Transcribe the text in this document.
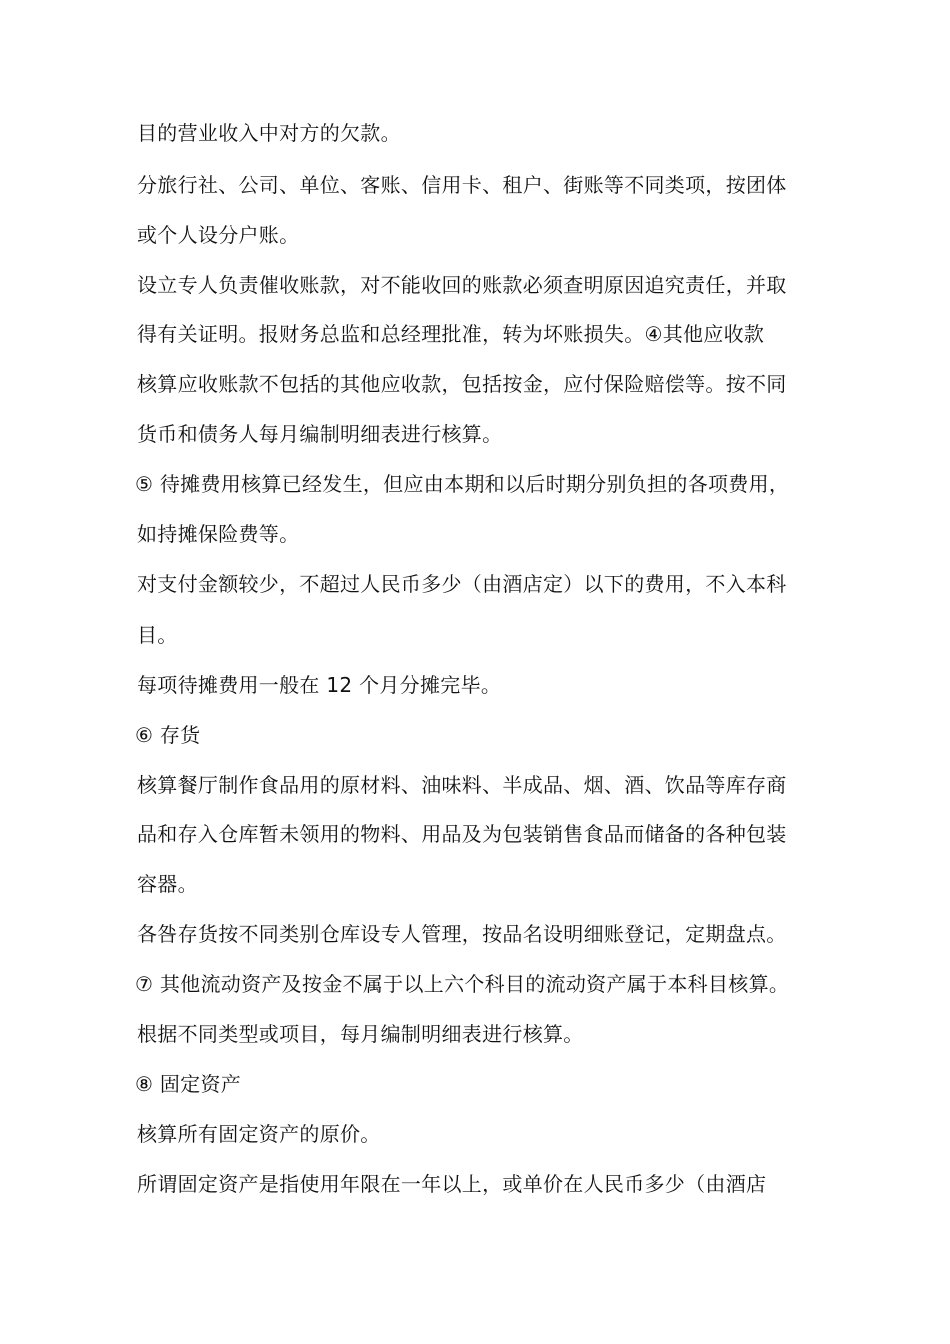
目的营业收入中对方的欠款。
分旅行社、公司、单位、客账、信用卡、租户、街账等不同类项，按团体
或个人设分户账。
设立专人负责催收账款，对不能收回的账款必须查明原因追究责任，并取
得有关证明。报财务总监和总经理批准，转为坏账损失。④其他应收款
核算应收账款不包括的其他应收款，包括按金，应付保险赔偿等。按不同
货币和债务人每月编制明细表进行核算。
⑤ 待摊费用核算已经发生，但应由本期和以后时期分别负担的各项费用，
如持摊保险费等。
对支付金额较少，不超过人民币多少（由酒店定）以下的费用，不入本科
目。
每项待摊费用一般在 12 个月分摊完毕。
⑥ 存货
核算餐厅制作食品用的原材料、油味料、半成品、烟、酒、饮品等库存商
品和存入仓库暂未领用的物料、用品及为包装销售食品而储备的各种包装
容器。
各咎存货按不同类别仓库设专人管理，按品名设明细账登记，定期盘点。
⑦ 其他流动资产及按金不属于以上六个科目的流动资产属于本科目核算。
根据不同类型或项目，每月编制明细表进行核算。
⑧ 固定资产
核算所有固定资产的原价。
所谓固定资产是指使用年限在一年以上，或单价在人民币多少（由酒店
